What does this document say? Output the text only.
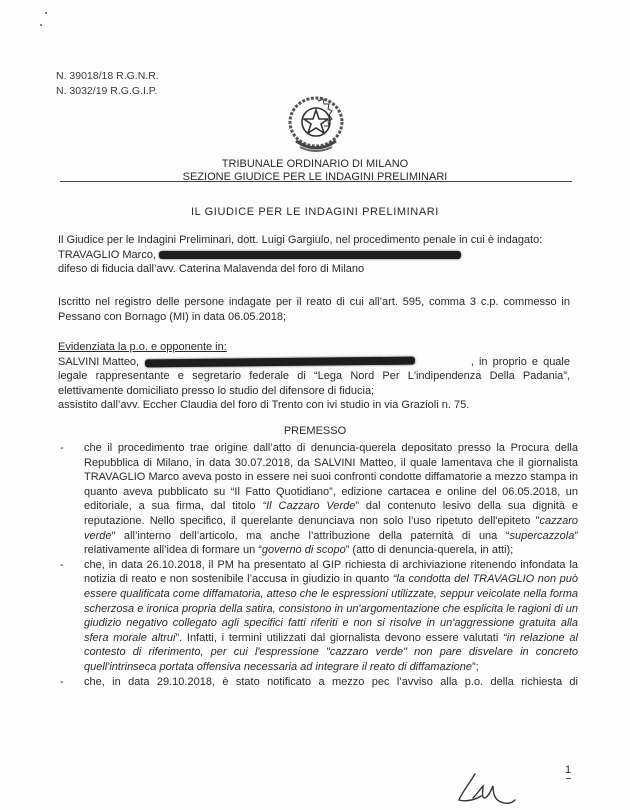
N. 39018/18 R.G.N.R.
N. 3032/19 R.G.G.I.P.
TRIBUNALE ORDINARIO DI MILANO
SEZIONE GIUDICE PER LE INDAGINI PRELIMINARI
IL GIUDICE PER LE INDAGINI PRELIMINARI
Il Giudice per le Indagini Preliminari, dott. Luigi Gargiulo, nel procedimento penale in cui è indagato:
TRAVAGLIO Marco,
difeso di fiducia dall’avv. Caterina Malavenda del foro di Milano
Iscritto nel registro delle persone indagate per il reato di cui all’art. 595, comma 3 c.p. commesso in Pessano con Bornago (MI) in data 06.05.2018;
Evidenziata la p.o. e opponente in:
SALVINI Matteo,	, in proprio e quale
legale rappresentante e segretario federale di “Lega Nord Per L'indipendenza Della Padania”,
elettivamente domiciliato presso lo studio del difensore di fiducia;
assistito dall’avv. Eccher Claudia del foro di Trento con ivi studio in via Grazioli n. 75.
PREMESSO
-	che il procedimento trae origine dall’atto di denuncia-querela depositato presso la Procura della Repubblica di Milano, in data 30.07.2018, da SALVINI Matteo, il quale lamentava che il giornalista TRAVAGLIO Marco aveva posto in essere nei suoi confronti condotte diffamatorie a mezzo stampa in quanto aveva pubblicato su “Il Fatto Quotidiano”, edizione cartacea e online del 06.05.2018, un editoriale, a sua firma, dal titolo “Il Cazzaro Verde” dal contenuto lesivo della sua dignità e reputazione. Nello specifico, il querelante denunciava non solo l’uso ripetuto dell'epiteto "cazzaro verde" all’interno dell’articolo, ma anche l’attribuzione della paternità di una “supercazzola” relativamente all’idea di formare un “governo di scopo” (atto di denuncia-querela, in atti);
-	che, in data 26.10.2018, il PM ha presentato al GIP richiesta di archiviazione ritenendo infondata la notizia di reato e non sostenibile l’accusa in giudizio in quanto “la condotta del TRAVAGLIO non può essere qualificata come diffamatoria, atteso che le espressioni utilizzate, seppur veicolate nella forma scherzosa e ironica propria della satira, consistono in un'argomentazione che esplicita le ragioni di un giudizio negativo collegato agli specifici fatti riferiti e non si risolve in un'aggressione gratuita alla sfera morale altrui”. Infatti, i termini utilizzati dal giornalista devono essere valutati “in relazione al contesto di riferimento, per cui l'espressione "cazzaro verde" non pare disvelare in concreto quell'intrinseca portata offensiva necessaria ad integrare il reato di diffamazione”;
-	che, in data 29.10.2018, è stato notificato a mezzo pec l’avviso alla p.o. della richiesta di
1
